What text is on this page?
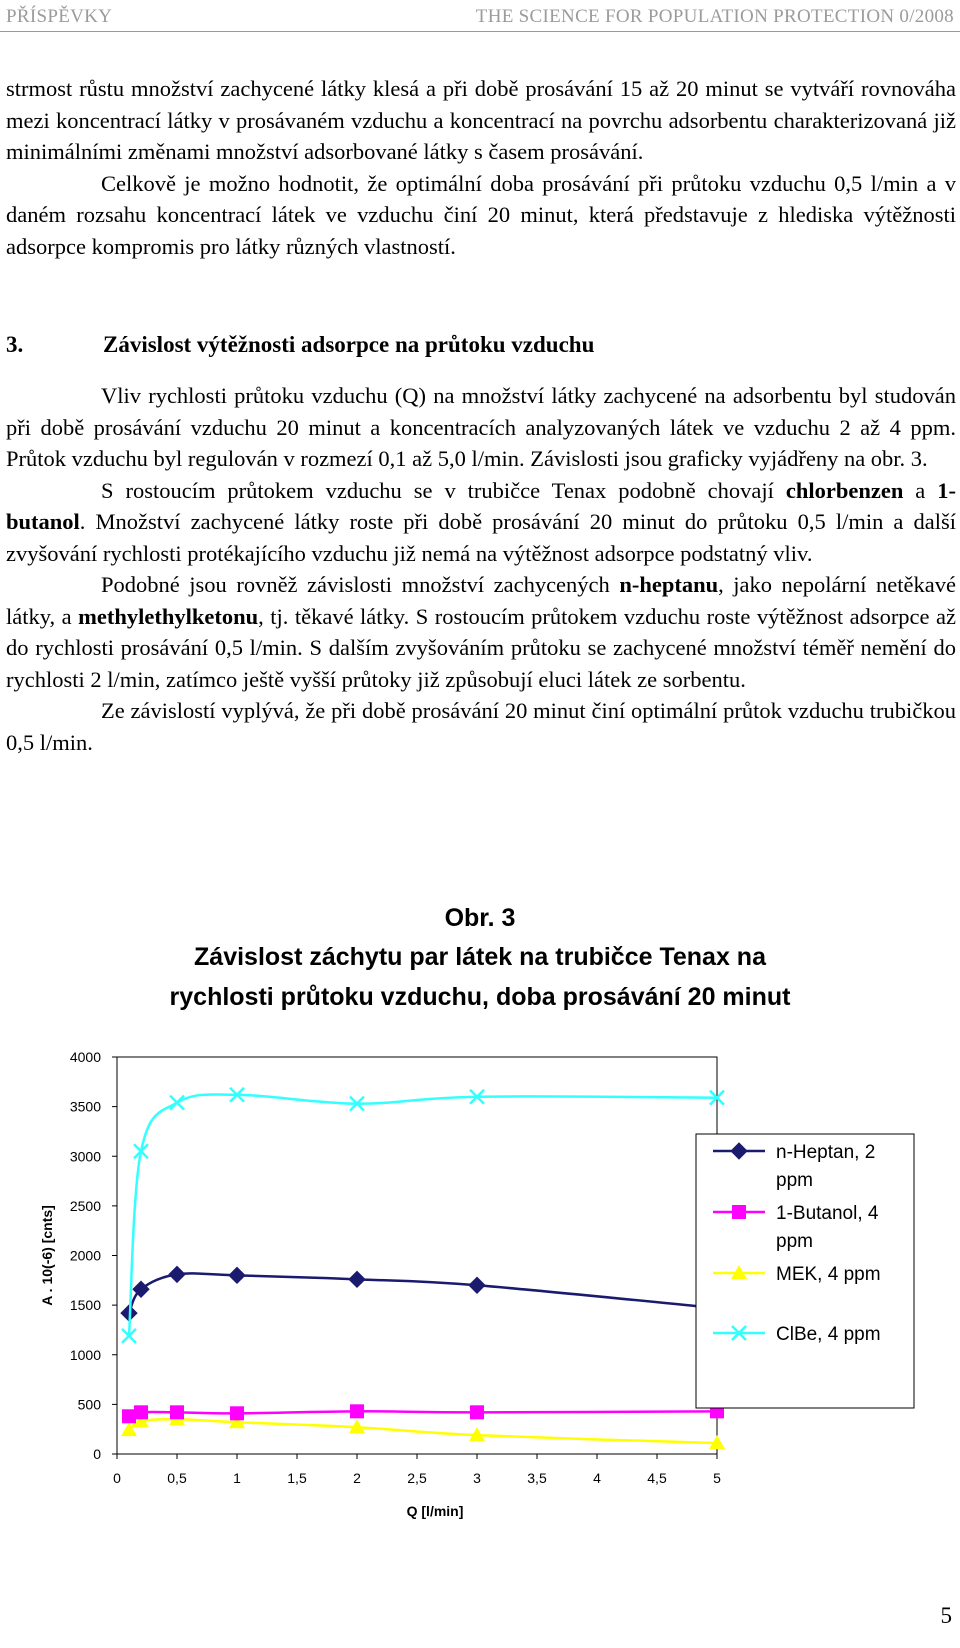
PŘÍSPĚVKY	THE SCIENCE FOR POPULATION PROTECTION 0/2008

strmost růstu množství zachycené látky klesá a při době prosávání 15 až 20 minut se vytváří rovnováha mezi koncentrací látky v prosávaném vzduchu a koncentrací na povrchu adsorbentu charakterizovaná již minimálními změnami množství adsorbované látky s časem prosávání.

Celkově je možno hodnotit, že optimální doba prosávání při průtoku vzduchu 0,5 l/min a v daném rozsahu koncentrací látek ve vzduchu činí 20 minut, která představuje z hlediska výtěžnosti adsorpce kompromis pro látky různých vlastností.

3.	Závislost výtěžnosti adsorpce na průtoku vzduchu

Vliv rychlosti průtoku vzduchu (Q) na množství látky zachycené na adsorbentu byl studován při době prosávání vzduchu 20 minut a koncentracích analyzovaných látek ve vzduchu 2 až 4 ppm. Průtok vzduchu byl regulován v rozmezí 0,1 až 5,0 l/min. Závislosti jsou graficky vyjádřeny na obr. 3.

S rostoucím průtokem vzduchu se v trubičce Tenax podobně chovají chlorbenzen a 1-butanol. Množství zachycené látky roste při době prosávání 20 minut do průtoku 0,5 l/min a další zvyšování rychlosti protékajícího vzduchu již nemá na výtěžnost adsorpce podstatný vliv.

Podobné jsou rovněž závislosti množství zachycených n-heptanu, jako nepolární netěkavé látky, a methylethylketonu, tj. těkavé látky. S rostoucím průtokem vzduchu roste výtěžnost adsorpce až do rychlosti prosávání 0,5 l/min. S dalším zvyšováním průtoku se zachycené množství téměř nemění do rychlosti 2 l/min, zatímco ještě vyšší průtoky již způsobují eluci látek ze sorbentu.

Ze závislostí vyplývá, že při době prosávání 20 minut činí optimální průtok vzduchu trubičkou 0,5 l/min.

Obr. 3
Závislost záchytu par látek na trubičce Tenax na
rychlosti průtoku vzduchu, doba prosávání 20 minut
0
500
1000
1500
2000
2500
3000
3500
4000
0	0,5	1	1,5	2	2,5	3	3,5	4	4,5	5
Q [l/min]
A . 10(-6) [cnts]
n-Heptan, 2
ppm
1-Butanol, 4
ppm
MEK, 4 ppm
ClBe, 4 ppm
5
